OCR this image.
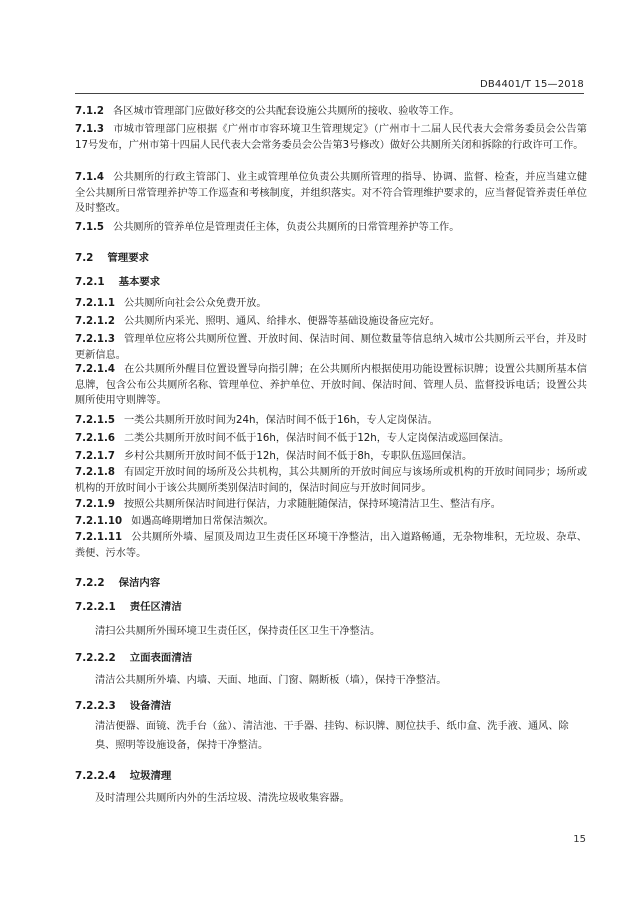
DB4401/T 15—2018

7.1.2 各区城市管理部门应做好移交的公共配套设施公共厕所的接收、验收等工作。

7.1.3 市城市管理部门应根据《广州市市容环境卫生管理规定》（广州市十二届人民代表大会常务委员会公告第17号发布，广州市第十四届人民代表大会常务委员会公告第3号修改）做好公共厕所关闭和拆除的行政许可工作。

7.1.4 公共厕所的行政主管部门、业主或管理单位负责公共厕所管理的指导、协调、监督、检查，并应当建立健全公共厕所日常管理养护等工作巡查和考核制度，并组织落实。对不符合管理维护要求的，应当督促管养责任单位及时整改。

7.1.5 公共厕所的管养单位是管理责任主体，负责公共厕所的日常管理养护等工作。

7.2 管理要求

7.2.1 基本要求

7.2.1.1 公共厕所向社会公众免费开放。

7.2.1.2 公共厕所内采光、照明、通风、给排水、便器等基础设施设备应完好。

7.2.1.3 管理单位应将公共厕所位置、开放时间、保洁时间、厕位数量等信息纳入城市公共厕所云平台，并及时更新信息。

7.2.1.4 在公共厕所外醒目位置设置导向指引牌；在公共厕所内根据使用功能设置标识牌；设置公共厕所基本信息牌，包含公布公共厕所名称、管理单位、养护单位、开放时间、保洁时间、管理人员、监督投诉电话；设置公共厕所使用守则牌等。

7.2.1.5 一类公共厕所开放时间为24h，保洁时间不低于16h，专人定岗保洁。

7.2.1.6 二类公共厕所开放时间不低于16h，保洁时间不低于12h，专人定岗保洁或巡回保洁。

7.2.1.7 乡村公共厕所开放时间不低于12h，保洁时间不低于8h，专职队伍巡回保洁。

7.2.1.8 有固定开放时间的场所及公共机构，其公共厕所的开放时间应与该场所或机构的开放时间同步；场所或机构的开放时间小于该公共厕所类别保洁时间的，保洁时间应与开放时间同步。

7.2.1.9 按照公共厕所保洁时间进行保洁，力求随脏随保洁，保持环境清洁卫生、整洁有序。

7.2.1.10 如遇高峰期增加日常保洁频次。

7.2.1.11 公共厕所外墙、屋顶及周边卫生责任区环境干净整洁，出入道路畅通，无杂物堆积，无垃圾、杂草、粪便、污水等。

7.2.2 保洁内容

7.2.2.1 责任区清洁

清扫公共厕所外围环境卫生责任区，保持责任区卫生干净整洁。

7.2.2.2 立面表面清洁

清洁公共厕所外墙、内墙、天面、地面、门窗、隔断板（墙），保持干净整洁。

7.2.2.3 设备清洁

清洁便器、面镜、洗手台（盆）、清洁池、干手器、挂钩、标识牌、厕位扶手、纸巾盒、洗手液、通风、除臭、照明等设施设备，保持干净整洁。

7.2.2.4 垃圾清理

及时清理公共厕所内外的生活垃圾、清洗垃圾收集容器。

15
